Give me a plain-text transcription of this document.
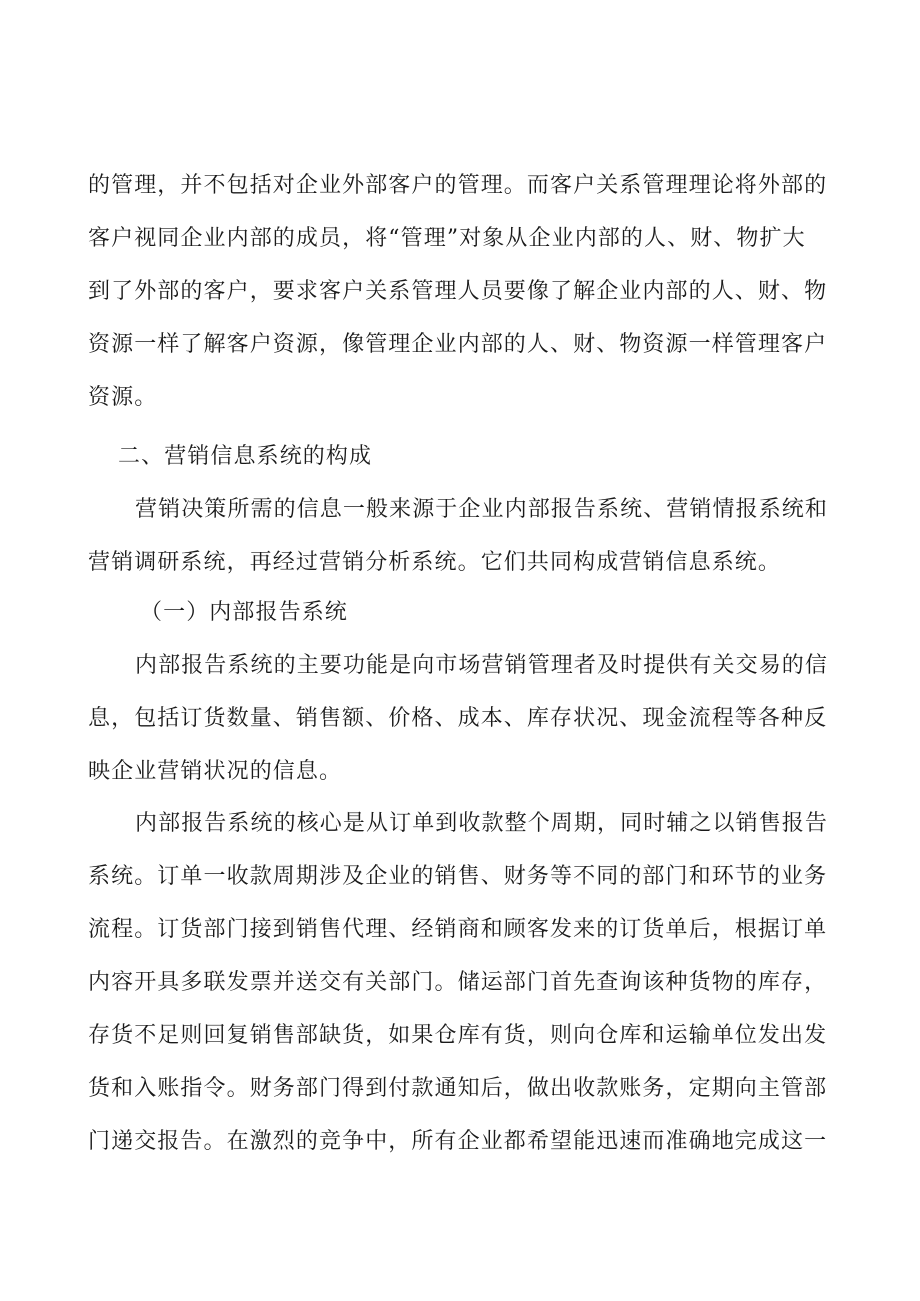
的管理，并不包括对企业外部客户的管理。而客户关系管理理论将外部的
客户视同企业内部的成员，将“管理”对象从企业内部的人、财、物扩大
到了外部的客户，要求客户关系管理人员要像了解企业内部的人、财、物
资源一样了解客户资源，像管理企业内部的人、财、物资源一样管理客户
资源。
二、营销信息系统的构成
营销决策所需的信息一般来源于企业内部报告系统、营销情报系统和
营销调研系统，再经过营销分析系统。它们共同构成营销信息系统。
（一）内部报告系统
内部报告系统的主要功能是向市场营销管理者及时提供有关交易的信
息，包括订货数量、销售额、价格、成本、库存状况、现金流程等各种反
映企业营销状况的信息。
内部报告系统的核心是从订单到收款整个周期，同时辅之以销售报告
系统。订单一收款周期涉及企业的销售、财务等不同的部门和环节的业务
流程。订货部门接到销售代理、经销商和顾客发来的订货单后，根据订单
内容开具多联发票并送交有关部门。储运部门首先查询该种货物的库存，
存货不足则回复销售部缺货，如果仓库有货，则向仓库和运输单位发出发
货和入账指令。财务部门得到付款通知后，做出收款账务，定期向主管部
门递交报告。在激烈的竞争中，所有企业都希望能迅速而准确地完成这一
